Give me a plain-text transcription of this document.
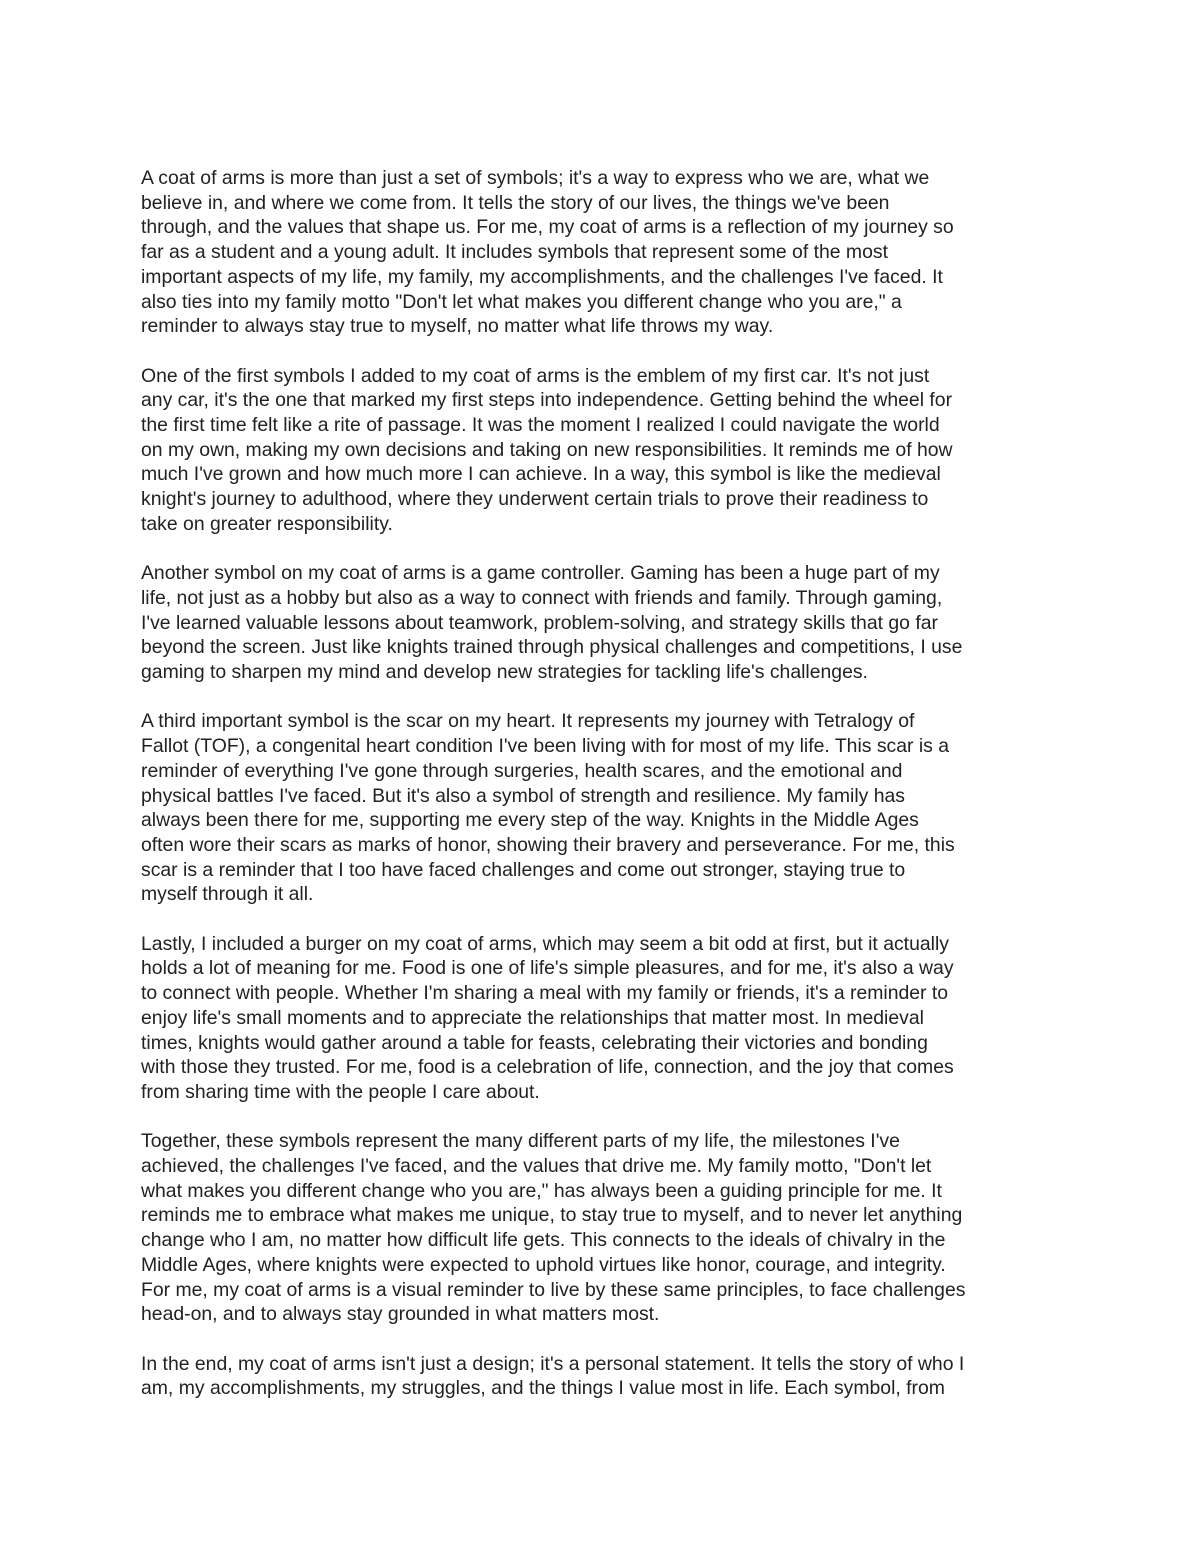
A coat of arms is more than just a set of symbols; it's a way to express who we are, what we
believe in, and where we come from. It tells the story of our lives, the things we've been
through, and the values that shape us. For me, my coat of arms is a reflection of my journey so
far as a student and a young adult. It includes symbols that represent some of the most
important aspects of my life, my family, my accomplishments, and the challenges I've faced. It
also ties into my family motto "Don't let what makes you different change who you are," a
reminder to always stay true to myself, no matter what life throws my way.

One of the first symbols I added to my coat of arms is the emblem of my first car. It's not just
any car, it's the one that marked my first steps into independence. Getting behind the wheel for
the first time felt like a rite of passage. It was the moment I realized I could navigate the world
on my own, making my own decisions and taking on new responsibilities. It reminds me of how
much I've grown and how much more I can achieve. In a way, this symbol is like the medieval
knight's journey to adulthood, where they underwent certain trials to prove their readiness to
take on greater responsibility.

Another symbol on my coat of arms is a game controller. Gaming has been a huge part of my
life, not just as a hobby but also as a way to connect with friends and family. Through gaming,
I've learned valuable lessons about teamwork, problem-solving, and strategy skills that go far
beyond the screen. Just like knights trained through physical challenges and competitions, I use
gaming to sharpen my mind and develop new strategies for tackling life's challenges.

A third important symbol is the scar on my heart. It represents my journey with Tetralogy of
Fallot (TOF), a congenital heart condition I've been living with for most of my life. This scar is a
reminder of everything I've gone through surgeries, health scares, and the emotional and
physical battles I've faced. But it's also a symbol of strength and resilience. My family has
always been there for me, supporting me every step of the way. Knights in the Middle Ages
often wore their scars as marks of honor, showing their bravery and perseverance. For me, this
scar is a reminder that I too have faced challenges and come out stronger, staying true to
myself through it all.

Lastly, I included a burger on my coat of arms, which may seem a bit odd at first, but it actually
holds a lot of meaning for me. Food is one of life's simple pleasures, and for me, it's also a way
to connect with people. Whether I'm sharing a meal with my family or friends, it's a reminder to
enjoy life's small moments and to appreciate the relationships that matter most. In medieval
times, knights would gather around a table for feasts, celebrating their victories and bonding
with those they trusted. For me, food is a celebration of life, connection, and the joy that comes
from sharing time with the people I care about.

Together, these symbols represent the many different parts of my life, the milestones I've
achieved, the challenges I've faced, and the values that drive me. My family motto, "Don't let
what makes you different change who you are," has always been a guiding principle for me. It
reminds me to embrace what makes me unique, to stay true to myself, and to never let anything
change who I am, no matter how difficult life gets. This connects to the ideals of chivalry in the
Middle Ages, where knights were expected to uphold virtues like honor, courage, and integrity.
For me, my coat of arms is a visual reminder to live by these same principles, to face challenges
head-on, and to always stay grounded in what matters most.

In the end, my coat of arms isn't just a design; it's a personal statement. It tells the story of who I
am, my accomplishments, my struggles, and the things I value most in life. Each symbol, from
